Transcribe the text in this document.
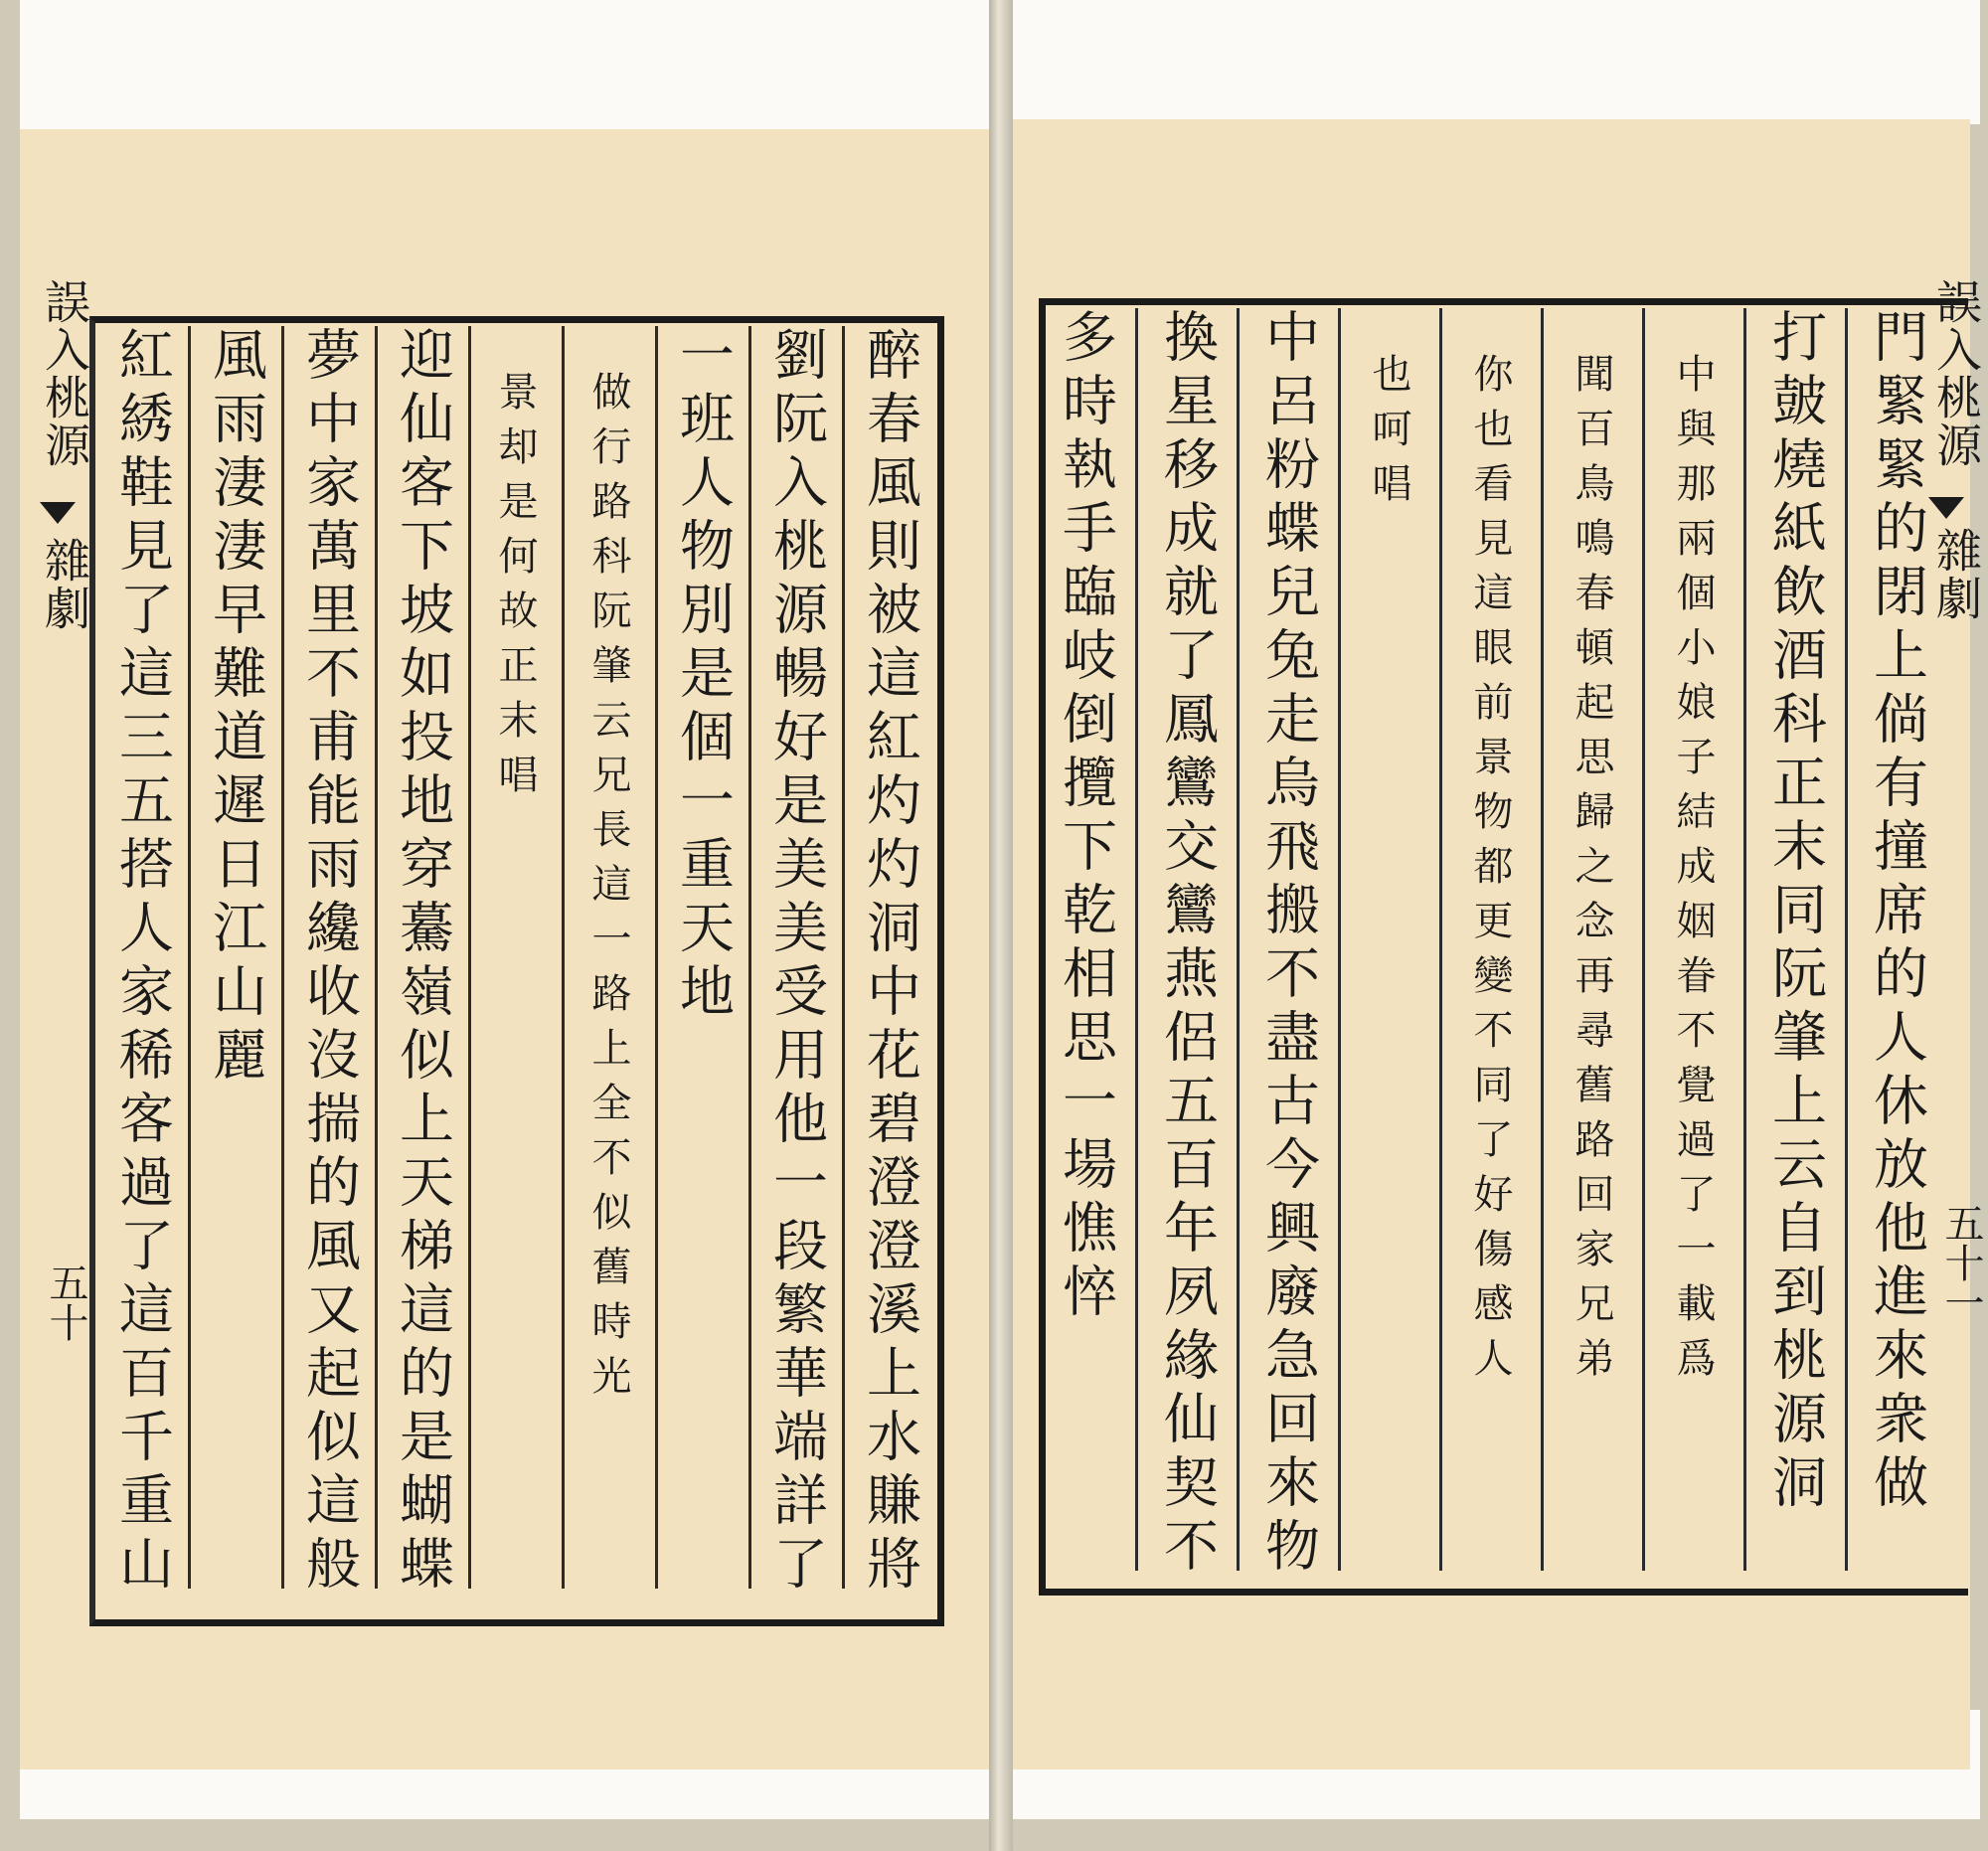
誤入桃源
雜劇
五十	醉春風則被這紅灼灼洞中花碧澄澄溪上水賺將
劉阮入桃源暢好是美美受用他一段繁華端詳了
一班人物別是個一重天地
做行路科阮肇云兄長這一路上全不似舊時光
景却是何故正末唱
迎仙客下坡如投地穿驀嶺似上天梯這的是蝴蝶
夢中家萬里不甫能雨纔收沒揣的風又起似這般
風雨淒淒早難道遲日江山麗
紅綉鞋見了這三五搭人家稀客過了這百千重山	誤入桃源
雜劇
五十一
門緊緊的閉上倘有撞席的人休放他進來衆做
打皷燒紙飲酒科正末同阮肇上云自到桃源洞
中與那兩個小娘子結成姻眷不覺過了一載爲
聞百鳥鳴春頓起思歸之念再尋舊路回家兄弟
你也看見這眼前景物都更變不同了好傷感人
也呵唱
中呂粉蝶兒兔走烏飛搬不盡古今興廢急回來物
換星移成就了鳳鸞交鸞燕侶五百年夙緣仙契不
多時執手臨岐倒攬下乾相思一場憔悴
